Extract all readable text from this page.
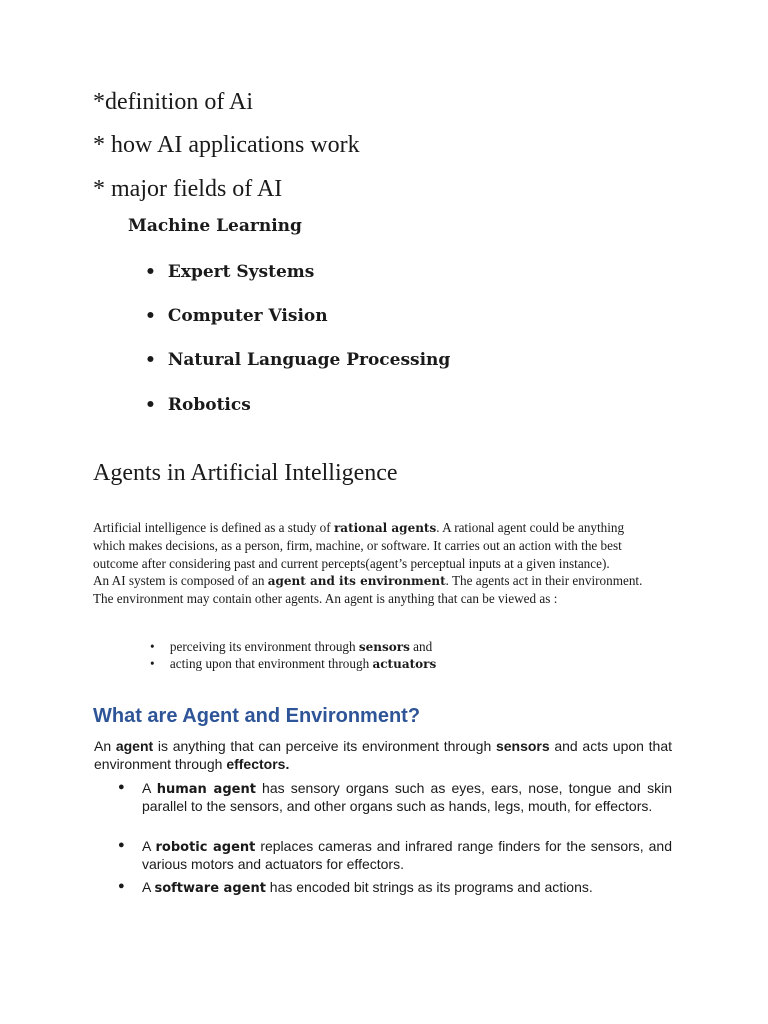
*definition of Ai
* how AI applications work
* major fields of AI
Machine Learning
• Expert Systems
• Computer Vision
• Natural Language Processing
• Robotics
Agents in Artificial Intelligence
Artificial intelligence is defined as a study of rational agents. A rational agent could be anything which makes decisions, as a person, firm, machine, or software. It carries out an action with the best outcome after considering past and current percepts(agent’s perceptual inputs at a given instance).
An AI system is composed of an agent and its environment. The agents act in their environment. The environment may contain other agents. An agent is anything that can be viewed as :
• perceiving its environment through sensors and
• acting upon that environment through actuators
What are Agent and Environment?
An agent is anything that can perceive its environment through sensors and acts upon that environment through effectors.
● A human agent has sensory organs such as eyes, ears, nose, tongue and skin parallel to the sensors, and other organs such as hands, legs, mouth, for effectors.
● A robotic agent replaces cameras and infrared range finders for the sensors, and various motors and actuators for effectors.
● A software agent has encoded bit strings as its programs and actions.
